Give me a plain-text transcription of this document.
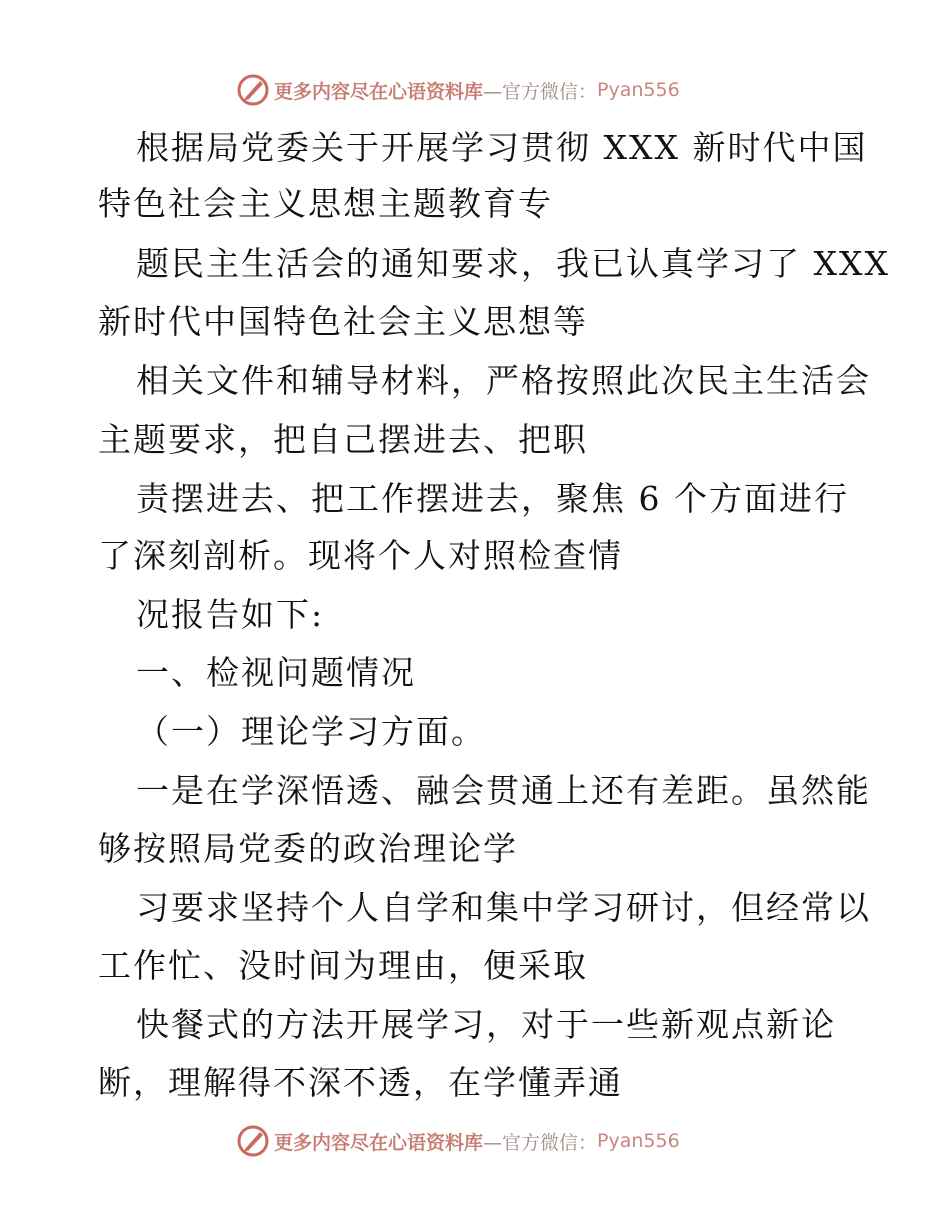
更多内容尽在心语资料库 —官方微信： Pyan556
根据局党委关于开展学习贯彻 XXX 新时代中国
特色社会主义思想主题教育专
题民主生活会的通知要求，我已认真学习了 XXX
新时代中国特色社会主义思想等
相关文件和辅导材料，严格按照此次民主生活会
主题要求，把自己摆进去、把职
责摆进去、把工作摆进去，聚焦 6 个方面进行
了深刻剖析。现将个人对照检查情
况报告如下:
一、检视问题情况
（一）理论学习方面。
一是在学深悟透、融会贯通上还有差距。虽然能
够按照局党委的政治理论学
习要求坚持个人自学和集中学习研讨，但经常以
工作忙、没时间为理由，便采取
快餐式的方法开展学习，对于一些新观点新论
断，理解得不深不透，在学懂弄通
更多内容尽在心语资料库 —官方微信： Pyan556
